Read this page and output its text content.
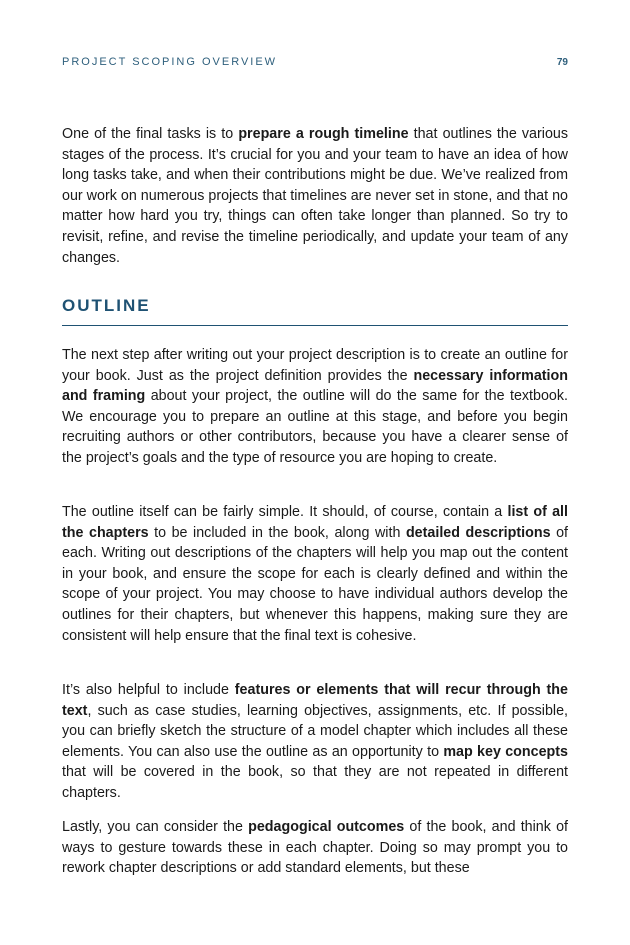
PROJECT SCOPING OVERVIEW	79

One of the final tasks is to prepare a rough timeline that outlines the various stages of the process. It’s crucial for you and your team to have an idea of how long tasks take, and when their contributions might be due. We’ve realized from our work on numerous projects that timelines are never set in stone, and that no matter how hard you try, things can often take longer than planned. So try to revisit, refine, and revise the timeline periodically, and update your team of any changes.

OUTLINE

The next step after writing out your project description is to create an outline for your book. Just as the project definition provides the necessary information and framing about your project, the outline will do the same for the textbook. We encourage you to prepare an outline at this stage, and before you begin recruiting authors or other contributors, because you have a clearer sense of the project’s goals and the type of resource you are hoping to create.

The outline itself can be fairly simple. It should, of course, contain a list of all the chapters to be included in the book, along with detailed descriptions of each. Writing out descriptions of the chapters will help you map out the content in your book, and ensure the scope for each is clearly defined and within the scope of your project. You may choose to have individual authors develop the outlines for their chapters, but whenever this happens, making sure they are consistent will help ensure that the final text is cohesive.

It’s also helpful to include features or elements that will recur through the text, such as case studies, learning objectives, assignments, etc. If possible, you can briefly sketch the structure of a model chapter which includes all these elements. You can also use the outline as an opportunity to map key concepts that will be covered in the book, so that they are not repeated in different chapters.

Lastly, you can consider the pedagogical outcomes of the book, and think of ways to gesture towards these in each chapter. Doing so may prompt you to rework chapter descriptions or add standard elements, but these
